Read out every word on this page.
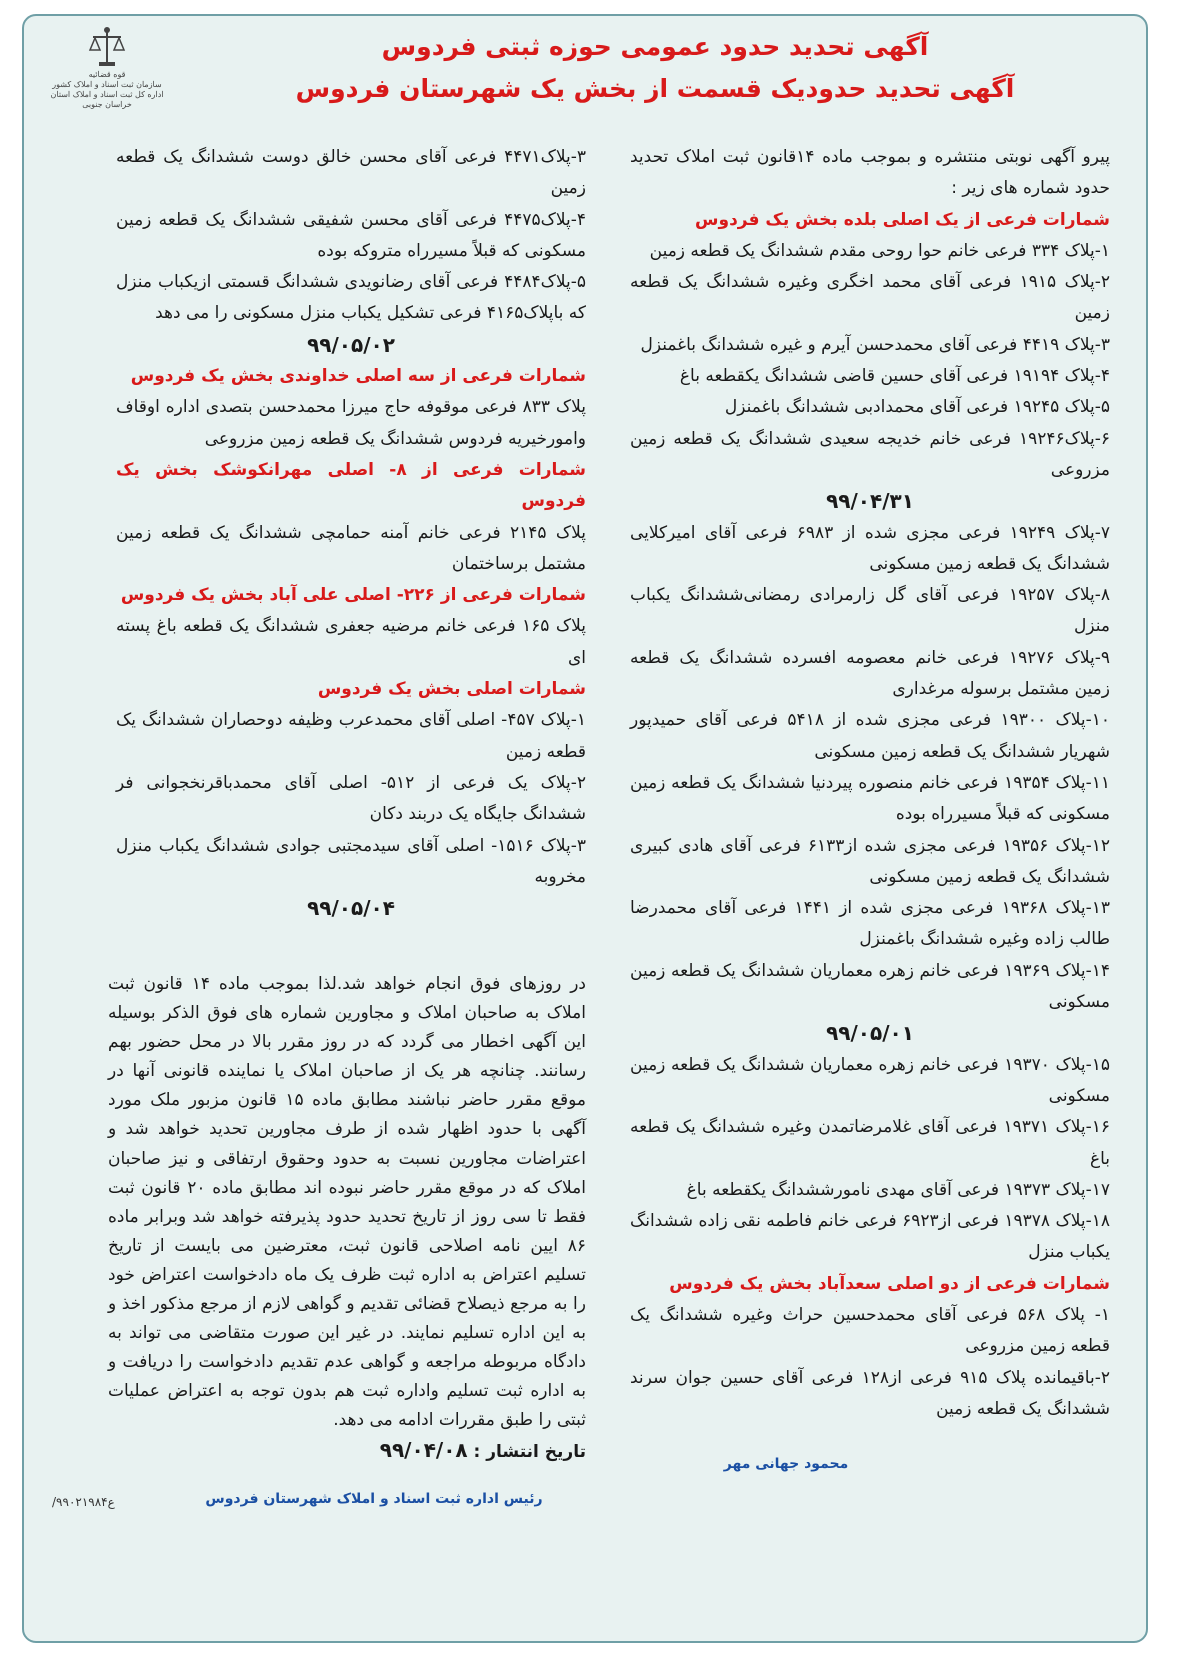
قوه قضائیه
سازمان ثبت اسناد و املاک کشور
اداره کل ثبت اسناد و املاک استان خراسان جنوبی
آگهی تحدید حدود عمومی حوزه ثبتی فردوس
آگهی تحدید حدودیک قسمت از بخش یک شهرستان فردوس

پیرو آگهی نوبتی منتشره و بموجب ماده ۱۴قانون ثبت املاک تحدید حدود شماره های زیر :

شمارات فرعی از یک اصلی بلده بخش یک فردوس

۱-پلاک ۳۳۴ فرعی خانم حوا روحی مقدم ششدانگ یک قطعه زمین

۲-پلاک ۱۹۱۵ فرعی آقای محمد اخگری وغیره ششدانگ یک قطعه زمین

۳-پلاک ۴۴۱۹ فرعی آقای محمدحسن آیرم و غیره ششدانگ باغمنزل

۴-پلاک ۱۹۱۹۴ فرعی آقای حسین قاضی ششدانگ یکقطعه باغ

۵-پلاک ۱۹۲۴۵ فرعی آقای محمدادبی ششدانگ باغمنزل

۶-پلاک۱۹۲۴۶ فرعی خانم خدیجه سعیدی ششدانگ یک قطعه زمین مزروعی

۹۹/۰۴/۳۱

۷-پلاک ۱۹۲۴۹ فرعی مجزی شده از ۶۹۸۳ فرعی آقای امیرکلایی ششدانگ یک قطعه زمین مسکونی

۸-پلاک ۱۹۲۵۷ فرعی آقای گل زارمرادی رمضانی‌ششدانگ یکباب منزل

۹-پلاک ۱۹۲۷۶ فرعی خانم معصومه افسرده ششدانگ یک قطعه زمین مشتمل برسوله مرغداری

۱۰-پلاک ۱۹۳۰۰ فرعی مجزی شده از ۵۴۱۸ فرعی آقای حمیدپور شهریار ششدانگ یک قطعه زمین مسکونی

۱۱-پلاک ۱۹۳۵۴ فرعی خانم منصوره پیردنیا ششدانگ یک قطعه زمین مسکونی که قبلاً مسیرراه بوده

۱۲-پلاک ۱۹۳۵۶ فرعی مجزی شده از۶۱۳۳ فرعی آقای هادی کبیری ششدانگ یک قطعه زمین مسکونی

۱۳-پلاک ۱۹۳۶۸ فرعی مجزی شده از ۱۴۴۱ فرعی آقای محمدرضا طالب زاده وغیره ششدانگ باغمنزل

۱۴-پلاک ۱۹۳۶۹ فرعی خانم زهره معماریان ششدانگ یک قطعه زمین مسکونی

۹۹/۰۵/۰۱

۱۵-پلاک ۱۹۳۷۰ فرعی خانم زهره معماریان ششدانگ یک قطعه زمین مسکونی

۱۶-پلاک ۱۹۳۷۱ فرعی آقای غلامرضاتمدن وغیره ششدانگ یک قطعه باغ

۱۷-پلاک ۱۹۳۷۳ فرعی آقای مهدی نامورششدانگ یکقطعه باغ

۱۸-پلاک ۱۹۳۷۸ فرعی از۶۹۲۳ فرعی خانم فاطمه نقی زاده ششدانگ یکباب منزل

شمارات فرعی از دو اصلی سعدآباد بخش یک فردوس

۱- پلاک ۵۶۸ فرعی آقای محمدحسین حراث وغیره ششدانگ یک قطعه زمین مزروعی

۲-باقیمانده پلاک ۹۱۵ فرعی از۱۲۸ فرعی آقای حسین جوان سرند ششدانگ یک قطعه زمین

۳-پلاک۴۴۷۱ فرعی آقای محسن خالق دوست ششدانگ یک قطعه زمین

۴-پلاک۴۴۷۵ فرعی آقای محسن شفیقی ششدانگ یک قطعه زمین مسکونی که قبلاً مسیرراه متروکه بوده

۵-پلاک۴۴۸۴ فرعی آقای رضانویدی ششدانگ قسمتی ازیکباب منزل که باپلاک۴۱۶۵ فرعی تشکیل یکباب منزل مسکونی را می دهد

۹۹/۰۵/۰۲

شمارات فرعی از سه اصلی خداوندی بخش یک فردوس

پلاک ۸۳۳ فرعی موقوفه حاج میرزا محمدحسن بتصدی اداره اوقاف وامورخیریه فردوس ششدانگ یک قطعه زمین مزروعی

شمارات فرعی از ۸- اصلی مهرانکوشک بخش یک فردوس

پلاک ۲۱۴۵ فرعی خانم آمنه حمامچی ششدانگ یک قطعه زمین مشتمل برساختمان

شمارات فرعی از ۲۲۶- اصلی علی آباد بخش یک فردوس

پلاک ۱۶۵ فرعی خانم مرضیه جعفری ششدانگ یک قطعه باغ پسته ای

شمارات اصلی بخش یک فردوس

۱-پلاک ۴۵۷- اصلی آقای محمدعرب وظیفه دوحصاران ششدانگ یک قطعه زمین

۲-پلاک یک فرعی از ۵۱۲- اصلی آقای محمدباقرنخجوانی فر ششدانگ جایگاه یک دربند دکان

۳-پلاک ۱۵۱۶- اصلی آقای سیدمجتبی جوادی ششدانگ یکباب منزل مخروبه

۹۹/۰۵/۰۴

در روزهای فوق انجام خواهد شد.لذا بموجب ماده ۱۴ قانون ثبت املاک به صاحبان املاک و مجاورین شماره های فوق الذکر بوسیله این آگهی اخطار می گردد که در روز مقرر بالا در محل حضور بهم رسانند. چنانچه هر یک از صاحبان املاک یا نماینده قانونی آنها در موقع مقرر حاضر نباشند مطابق ماده ۱۵ قانون مزبور ملک مورد آگهی با حدود اظهار شده از طرف مجاورین تحدید خواهد شد و اعتراضات مجاورین نسبت به حدود وحقوق ارتفاقی و نیز صاحبان املاک که در موقع مقرر حاضر نبوده اند مطابق ماده ۲۰ قانون ثبت فقط تا سی روز از تاریخ تحدید حدود پذیرفته خواهد شد وبرابر ماده ۸۶ ایین نامه اصلاحی قانون ثبت، معترضین می بایست از تاریخ تسلیم اعتراض به اداره ثبت ظرف یک ماه دادخواست اعتراض خود را به مرجع ذیصلاح قضائی تقدیم و گواهی لازم از مرجع مذکور اخذ و به این اداره تسلیم نمایند. در غیر این صورت متقاضی می تواند به دادگاه مربوطه مراجعه و گواهی عدم تقدیم دادخواست را دریافت و به اداره ثبت تسلیم واداره ثبت هم بدون توجه به اعتراض عملیات ثبتی را طبق مقررات ادامه می دهد.
تاریخ انتشار : ۹۹/۰۴/۰۸
محمود جهانی مهر
رئیس اداره ثبت اسناد و املاک شهرستان فردوس
ع۹۹۰۲۱۹۸۴/
